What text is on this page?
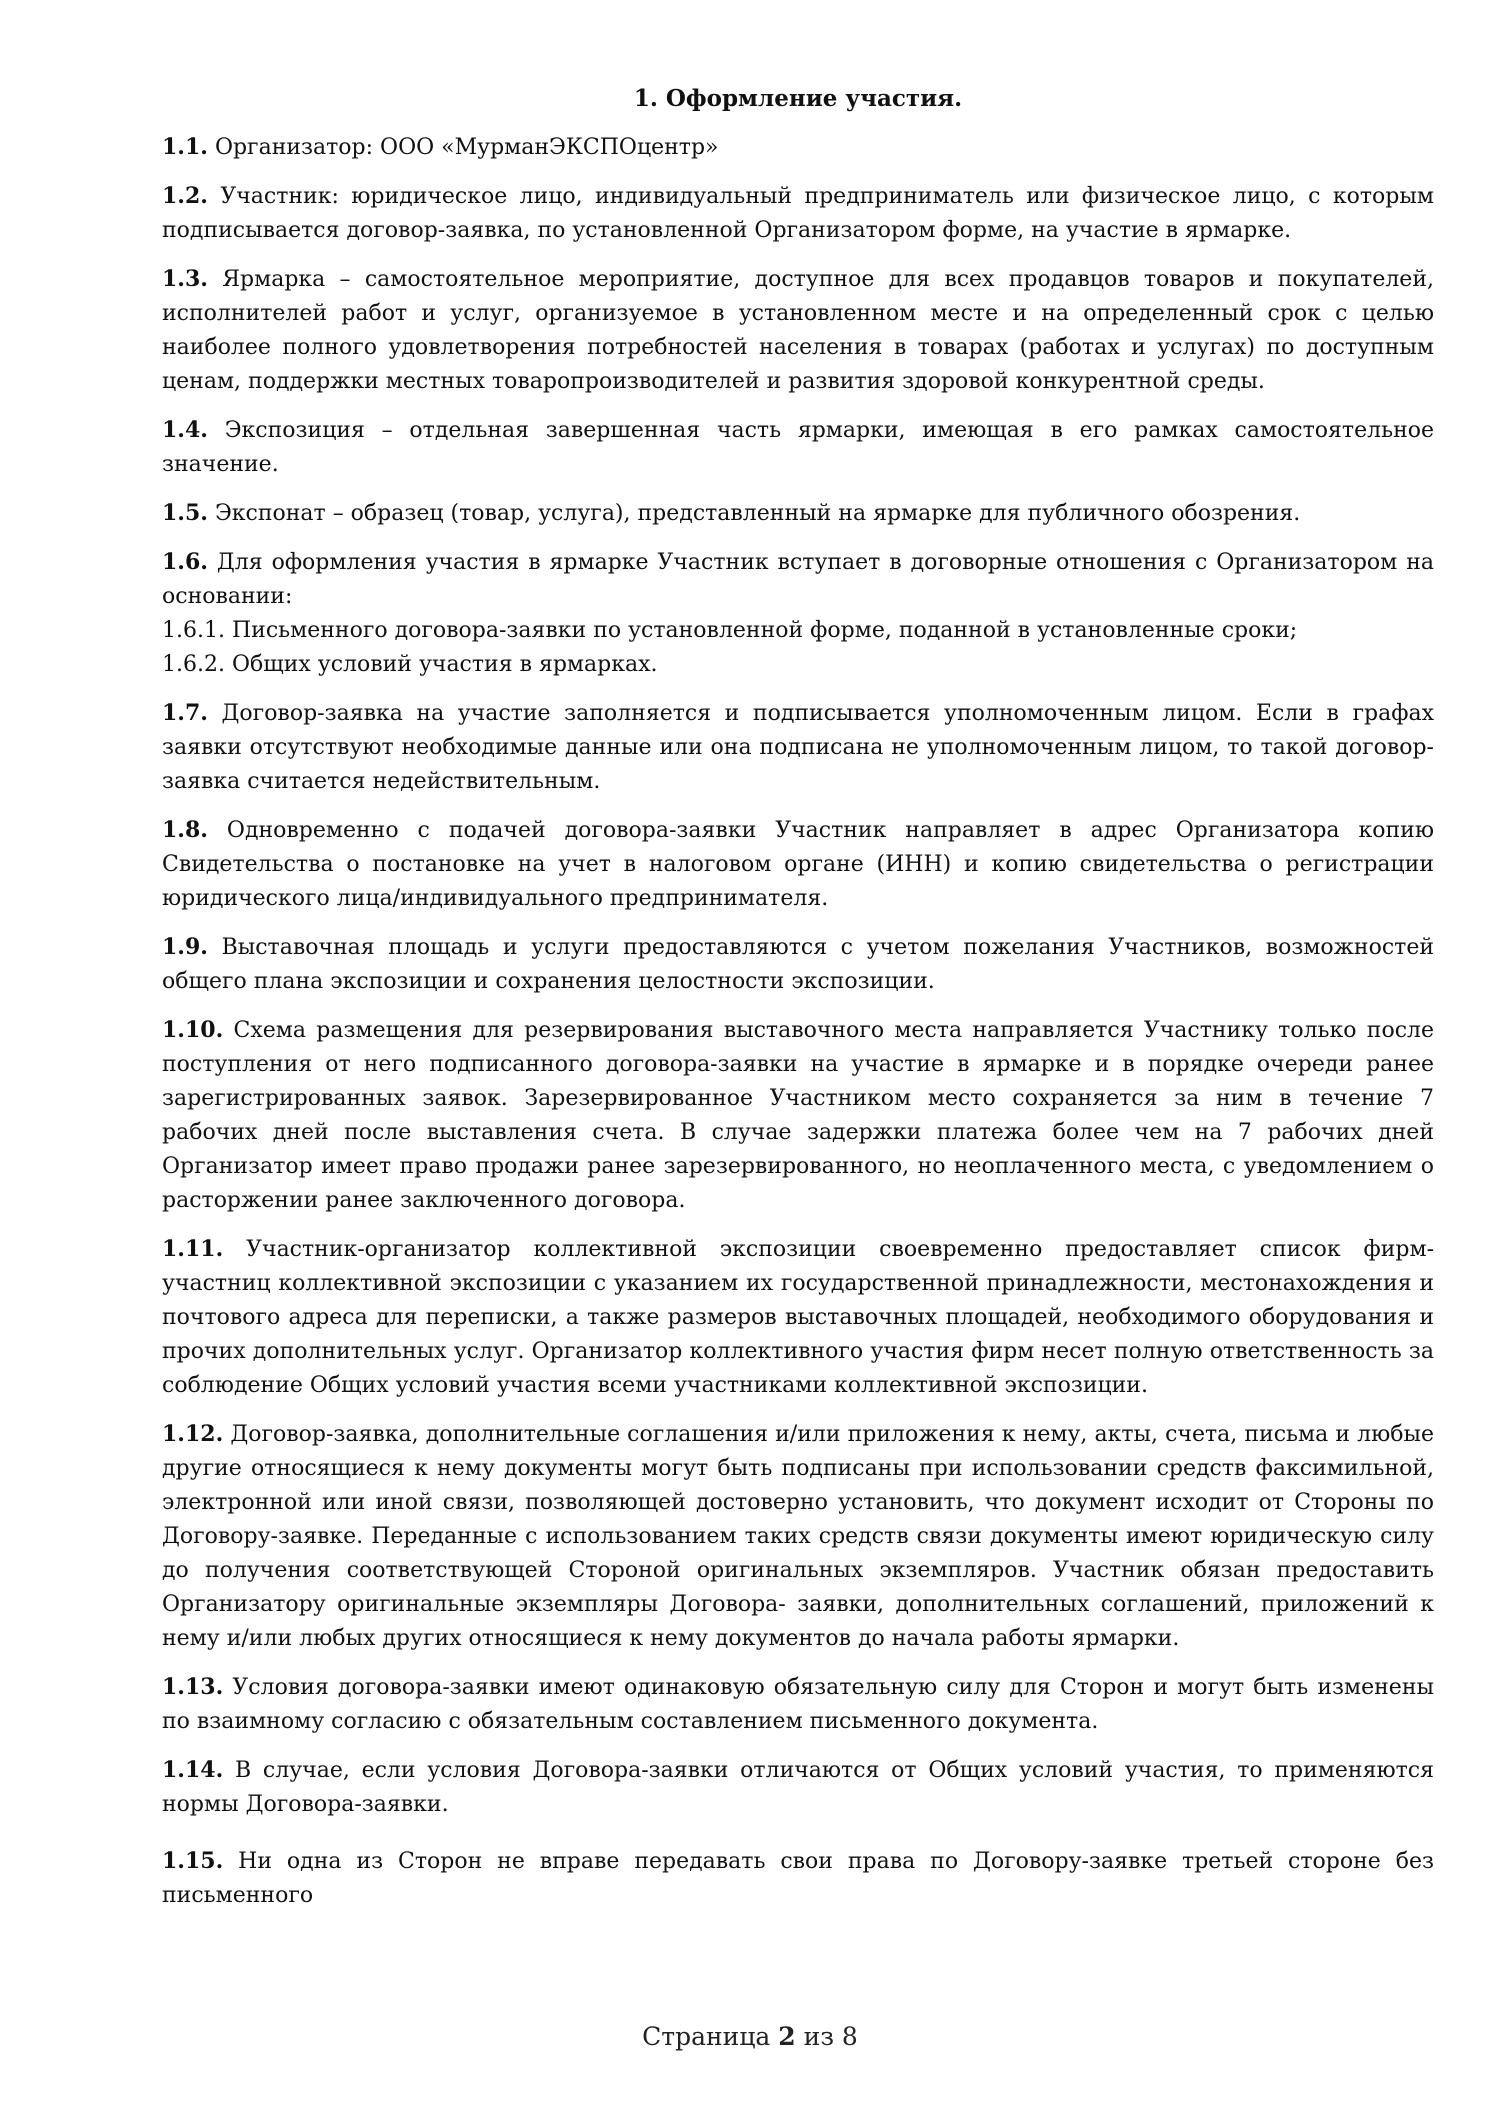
1. Оформление участия.
1.1. Организатор: ООО «МурманЭКСПОцентр»
1.2. Участник: юридическое лицо, индивидуальный предприниматель или физическое лицо, с которым подписывается договор-заявка, по установленной Организатором форме, на участие в ярмарке.
1.3. Ярмарка – самостоятельное мероприятие, доступное для всех продавцов товаров и покупателей, исполнителей работ и услуг, организуемое в установленном месте и на определенный срок с целью наиболее полного удовлетворения потребностей населения в товарах (работах и услугах) по доступным ценам, поддержки местных товаропроизводителей и развития здоровой конкурентной среды.
1.4. Экспозиция – отдельная завершенная часть ярмарки, имеющая в его рамках самостоятельное значение.
1.5. Экспонат – образец (товар, услуга), представленный на ярмарке для публичного обозрения.
1.6. Для оформления участия в ярмарке Участник вступает в договорные отношения с Организатором на основании:
1.6.1. Письменного договора-заявки по установленной форме, поданной в установленные сроки;
1.6.2. Общих условий участия в ярмарках.
1.7. Договор-заявка на участие заполняется и подписывается уполномоченным лицом. Если в графах заявки отсутствуют необходимые данные или она подписана не уполномоченным лицом, то такой договор- заявка считается недействительным.
1.8. Одновременно с подачей договора-заявки Участник направляет в адрес Организатора копию Свидетельства о постановке на учет в налоговом органе (ИНН) и копию свидетельства о регистрации юридического лица/индивидуального предпринимателя.
1.9. Выставочная площадь и услуги предоставляются с учетом пожелания Участников, возможностей общего плана экспозиции и сохранения целостности экспозиции.
1.10. Схема размещения для резервирования выставочного места направляется Участнику только после поступления от него подписанного договора-заявки на участие в ярмарке и в порядке очереди ранее зарегистрированных заявок. Зарезервированное Участником место сохраняется за ним в течение 7 рабочих дней после выставления счета. В случае задержки платежа более чем на 7 рабочих дней Организатор имеет право продажи ранее зарезервированного, но неоплаченного места, с уведомлением о расторжении ранее заключенного договора.
1.11. Участник-организатор коллективной экспозиции своевременно предоставляет список фирм- участниц коллективной экспозиции с указанием их государственной принадлежности, местонахождения и почтового адреса для переписки, а также размеров выставочных площадей, необходимого оборудования и прочих дополнительных услуг. Организатор коллективного участия фирм несет полную ответственность за соблюдение Общих условий участия всеми участниками коллективной экспозиции.
1.12. Договор-заявка, дополнительные соглашения и/или приложения к нему, акты, счета, письма и любые другие относящиеся к нему документы могут быть подписаны при использовании средств факсимильной, электронной или иной связи, позволяющей достоверно установить, что документ исходит от Стороны по Договору-заявке. Переданные с использованием таких средств связи документы имеют юридическую силу до получения соответствующей Стороной оригинальных экземпляров. Участник обязан предоставить Организатору оригинальные экземпляры Договора- заявки, дополнительных соглашений, приложений к нему и/или любых других относящиеся к нему документов до начала работы ярмарки.
1.13. Условия договора-заявки имеют одинаковую обязательную силу для Сторон и могут быть изменены по взаимному согласию с обязательным составлением письменного документа.
1.14. В случае, если условия Договора-заявки отличаются от Общих условий участия, то применяются нормы Договора-заявки.
1.15. Ни одна из Сторон не вправе передавать свои права по Договору-заявке третьей стороне без письменного
Страница 2 из 8
